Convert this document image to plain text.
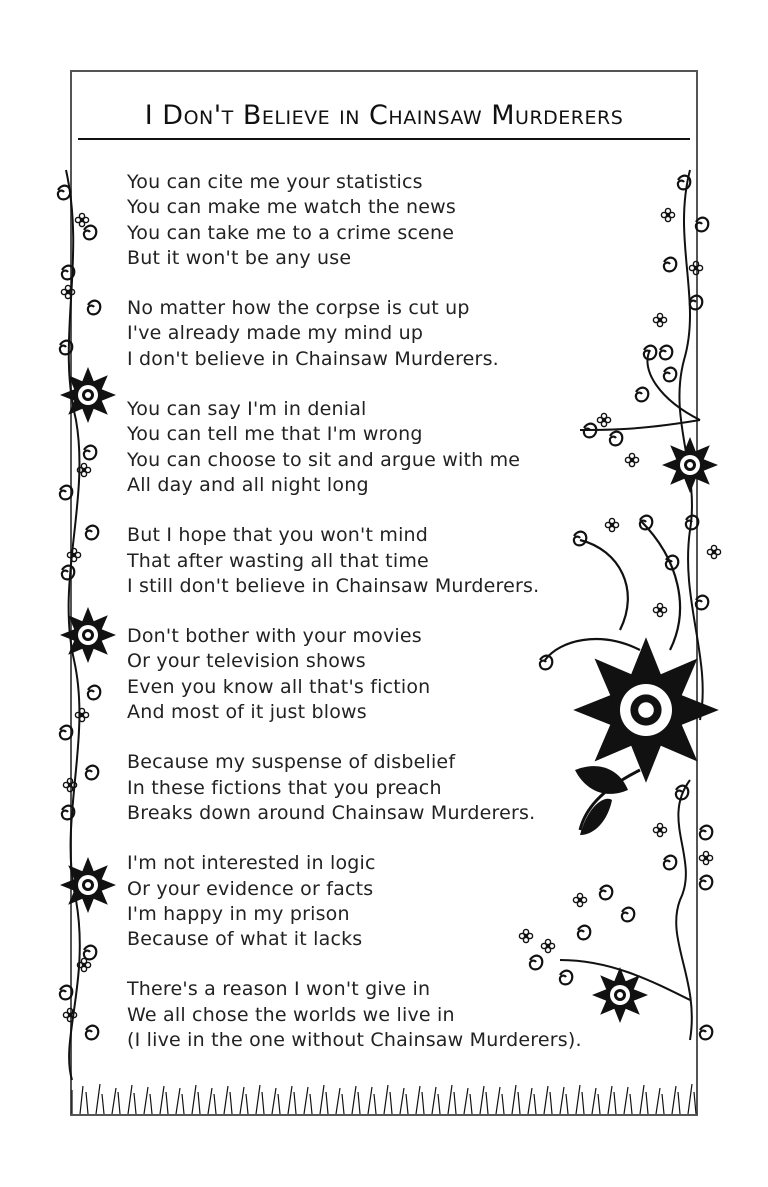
I Don't Believe in Chainsaw Murderers
You can cite me your statistics
You can make me watch the news
You can take me to a crime scene
But it won't be any use
No matter how the corpse is cut up
I've already made my mind up
I don't believe in Chainsaw Murderers.
You can say I'm in denial
You can tell me that I'm wrong
You can choose to sit and argue with me
All day and all night long
But I hope that you won't mind
That after wasting all that time
I still don't believe in Chainsaw Murderers.
Don't bother with your movies
Or your television shows
Even you know all that's fiction
And most of it just blows
Because my suspense of disbelief
In these fictions that you preach
Breaks down around Chainsaw Murderers.
I'm not interested in logic
Or your evidence or facts
I'm happy in my prison
Because of what it lacks
There's a reason I won't give in
We all chose the worlds we live in
(I live in the one without Chainsaw Murderers).
